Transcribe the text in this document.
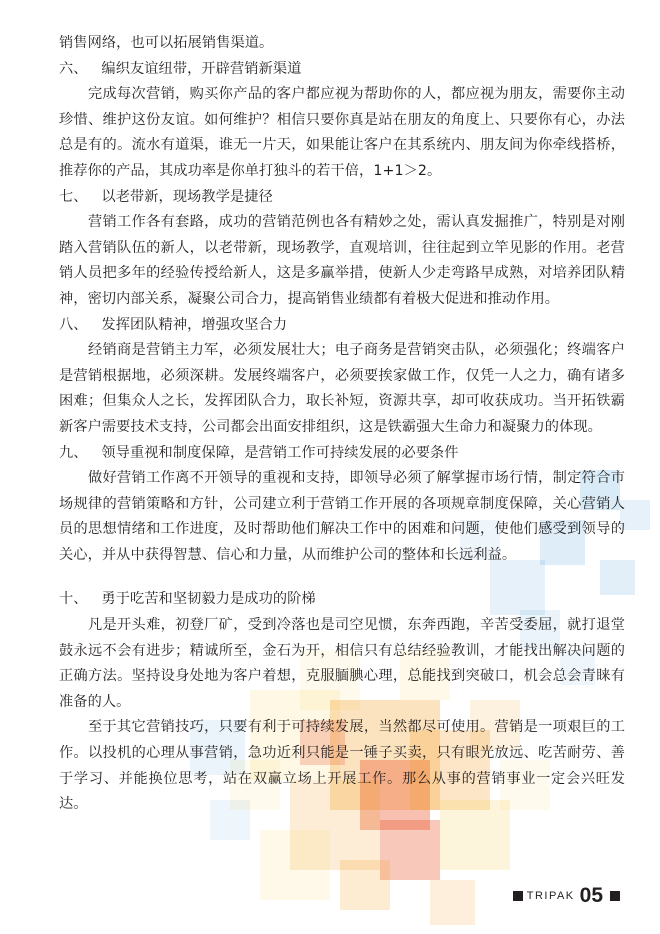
销售网络，也可以拓展销售渠道。

六、   编织友谊纽带，开辟营销新渠道

完成每次营销，购买你产品的客户都应视为帮助你的人，都应视为朋友，需要你主动珍惜、维护这份友谊。如何维护？相信只要你真是站在朋友的角度上、只要你有心，办法总是有的。流水有道渠，谁无一片天，如果能让客户在其系统内、朋友间为你牵线搭桥，推荐你的产品，其成功率是你单打独斗的若干倍，1+1＞2。

七、   以老带新，现场教学是捷径

营销工作各有套路，成功的营销范例也各有精妙之处，需认真发掘推广，特别是对刚踏入营销队伍的新人，以老带新，现场教学，直观培训，往往起到立竿见影的作用。老营销人员把多年的经验传授给新人，这是多赢举措，使新人少走弯路早成熟，对培养团队精神，密切内部关系，凝聚公司合力，提高销售业绩都有着极大促进和推动作用。

八、   发挥团队精神，增强攻坚合力

经销商是营销主力军，必须发展壮大；电子商务是营销突击队，必须强化；终端客户是营销根据地，必须深耕。发展终端客户，必须要挨家做工作，仅凭一人之力，确有诸多困难；但集众人之长，发挥团队合力，取长补短，资源共享，却可收获成功。当开拓铁霸新客户需要技术支持，公司都会出面安排组织，这是铁霸强大生命力和凝聚力的体现。

九、   领导重视和制度保障，是营销工作可持续发展的必要条件

做好营销工作离不开领导的重视和支持，即领导必须了解掌握市场行情，制定符合市场规律的营销策略和方针，公司建立利于营销工作开展的各项规章制度保障，关心营销人员的思想情绪和工作进度，及时帮助他们解决工作中的困难和问题，使他们感受到领导的关心，并从中获得智慧、信心和力量，从而维护公司的整体和长远利益。

十、   勇于吃苦和坚韧毅力是成功的阶梯

凡是开头难，初登厂矿，受到冷落也是司空见惯，东奔西跑，辛苦受委屈，就打退堂鼓永远不会有进步；精诚所至，金石为开，相信只有总结经验教训，才能找出解决问题的正确方法。坚持设身处地为客户着想，克服腼腆心理，总能找到突破口，机会总会青睐有准备的人。

至于其它营销技巧，只要有利于可持续发展，当然都尽可使用。营销是一项艰巨的工作。以投机的心理从事营销，急功近利只能是一锤子买卖，只有眼光放远、吃苦耐劳、善于学习、并能换位思考，站在双赢立场上开展工作。那么从事的营销事业一定会兴旺发达。

TRIPAK 05
